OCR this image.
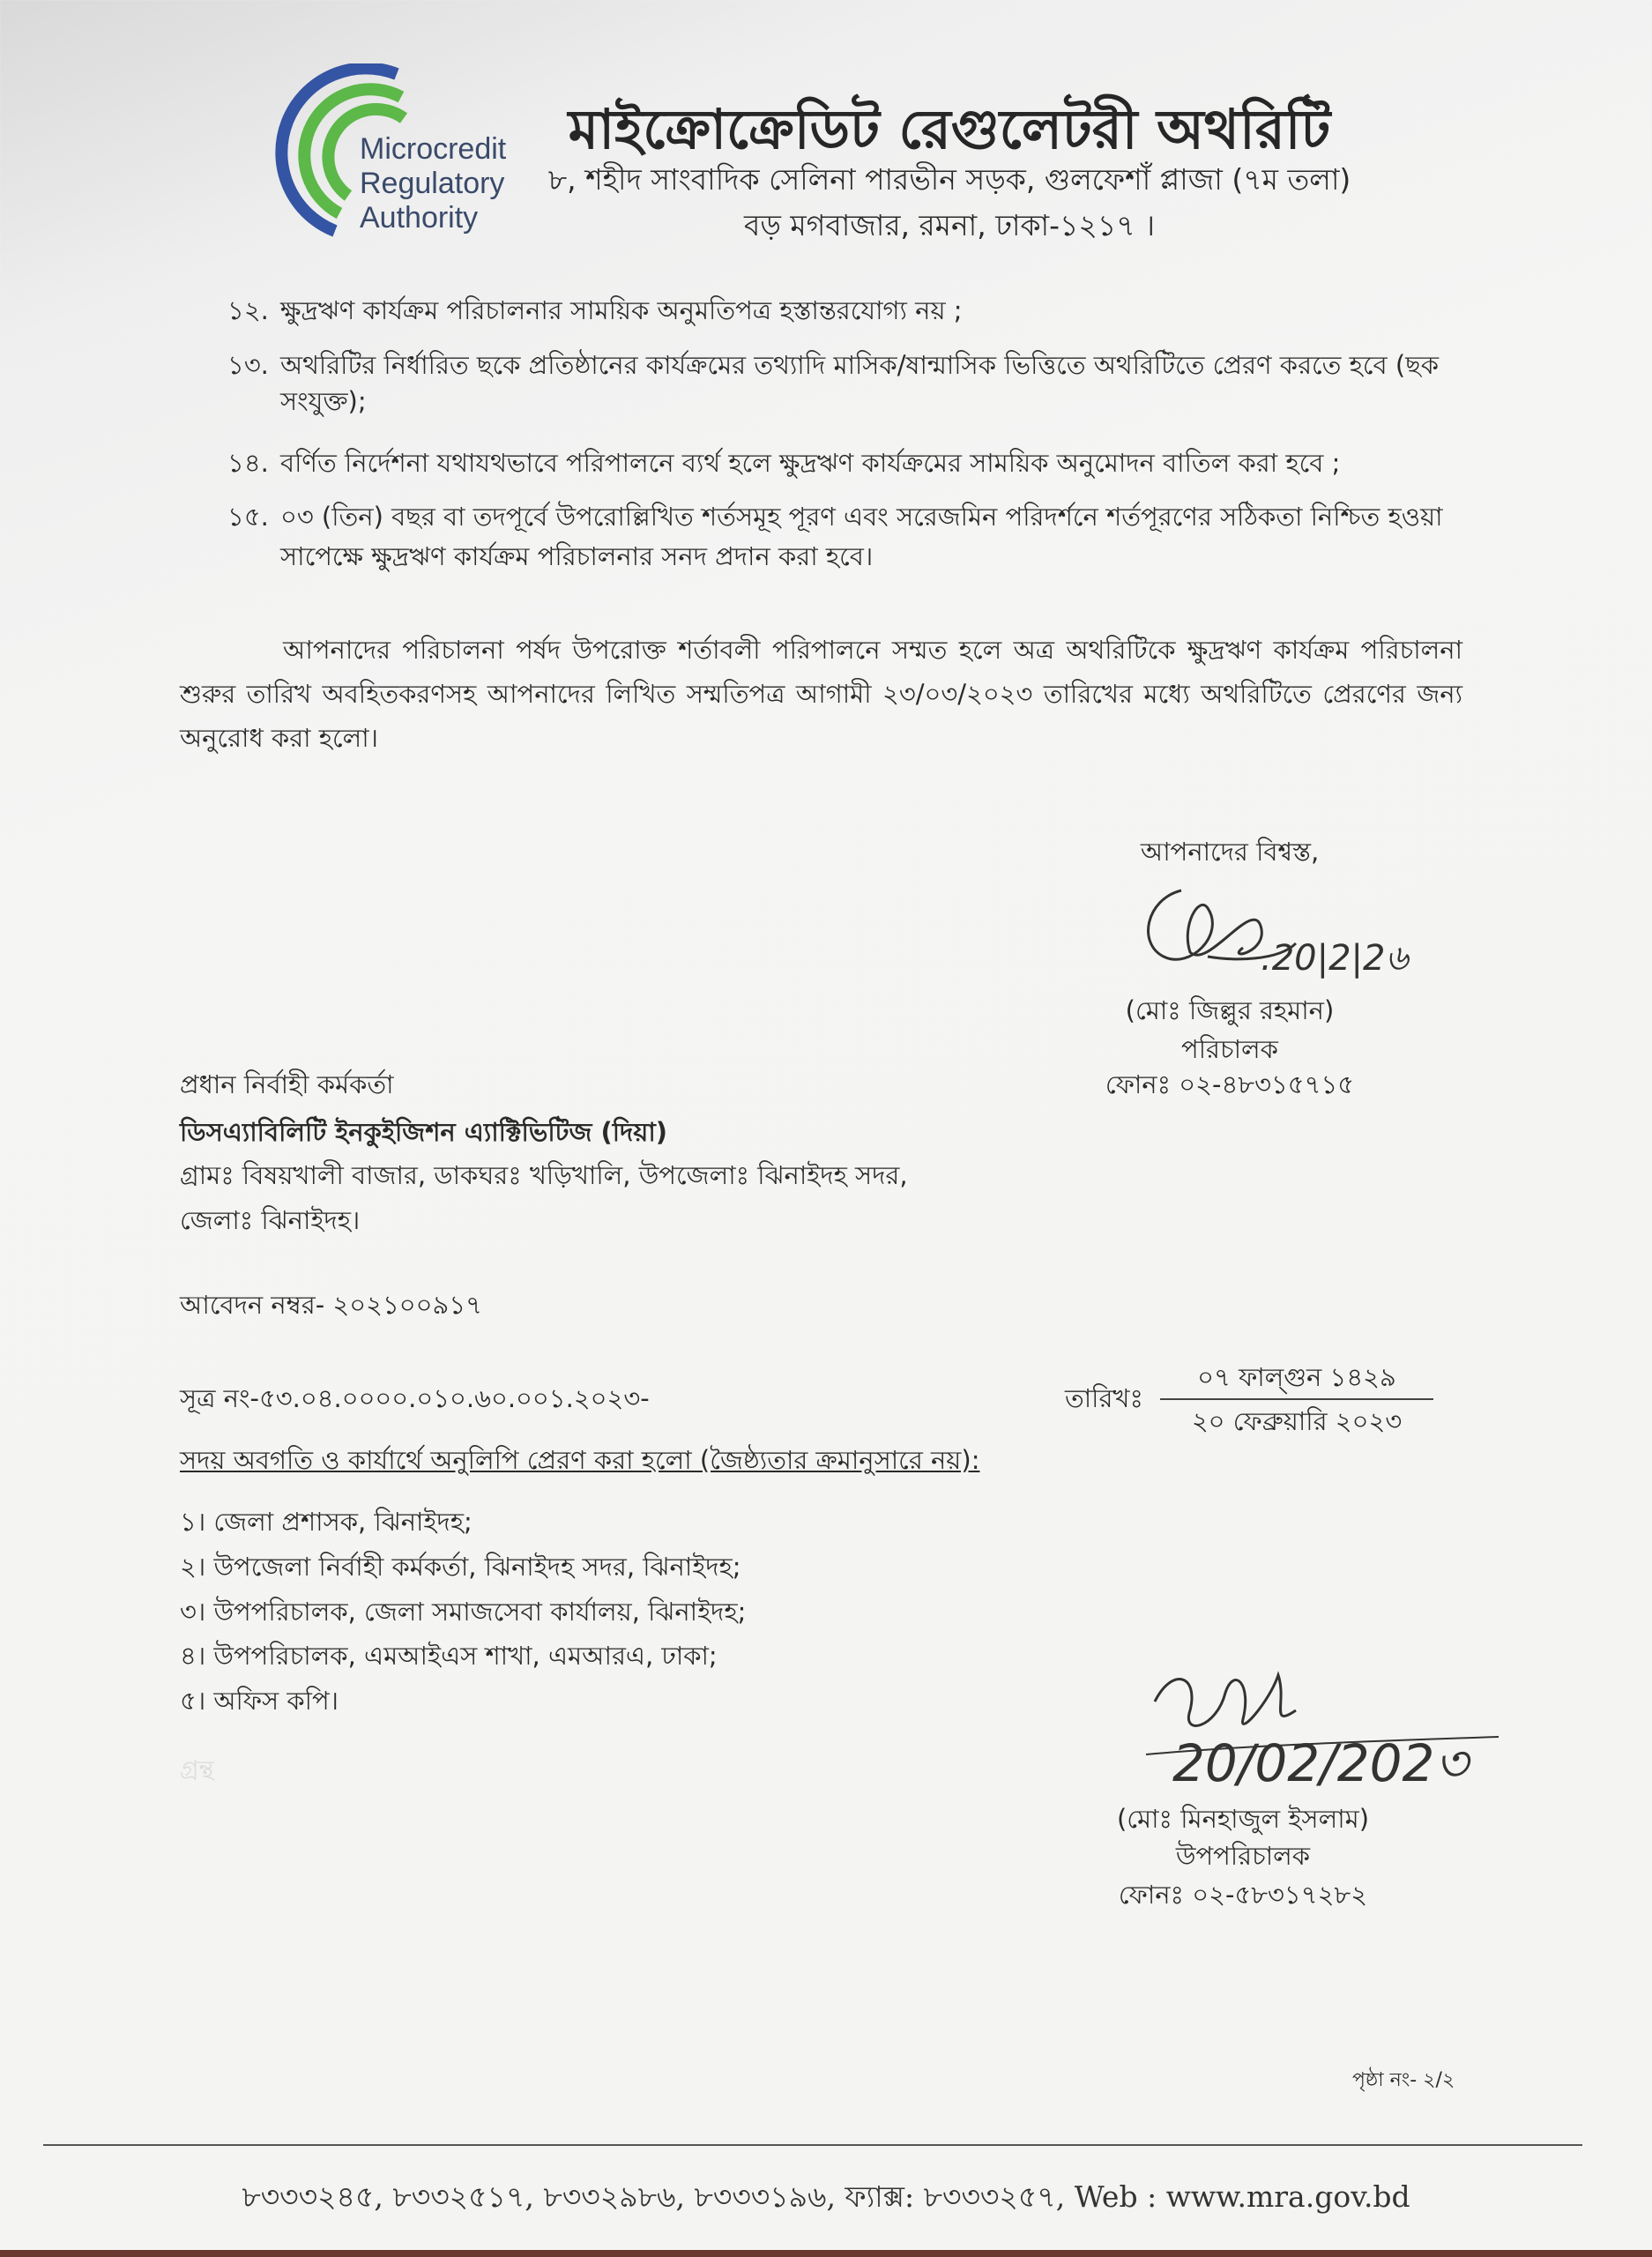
Microcredit
Regulatory
Authority
মাইক্রোক্রেডিট রেগুলেটরী অথরিটি
৮, শহীদ সাংবাদিক সেলিনা পারভীন সড়ক, গুলফেশাঁ প্লাজা (৭ম তলা)
বড় মগবাজার, রমনা, ঢাকা-১২১৭ ।
১২. ক্ষুদ্রঋণ কার্যক্রম পরিচালনার সাময়িক অনুমতিপত্র হস্তান্তরযোগ্য নয় ;
১৩. অথরিটির নির্ধারিত ছকে প্রতিষ্ঠানের কার্যক্রমের তথ্যাদি মাসিক/ষান্মাসিক ভিত্তিতে অথরিটিতে প্রেরণ করতে হবে (ছক
সংযুক্ত);
১৪. বর্ণিত নির্দেশনা যথাযথভাবে পরিপালনে ব্যর্থ হলে ক্ষুদ্রঋণ কার্যক্রমের সাময়িক অনুমোদন বাতিল করা হবে ;
১৫. ০৩ (তিন) বছর বা তদপূর্বে উপরোল্লিখিত শর্তসমূহ পূরণ এবং সরেজমিন পরিদর্শনে শর্তপূরণের সঠিকতা নিশ্চিত হওয়া
সাপেক্ষে ক্ষুদ্রঋণ কার্যক্রম পরিচালনার সনদ প্রদান করা হবে।
আপনাদের পরিচালনা পর্ষদ উপরোক্ত শর্তাবলী পরিপালনে সম্মত হলে অত্র অথরিটিকে ক্ষুদ্রঋণ কার্যক্রম পরিচালনা শুরুর তারিখ অবহিতকরণসহ আপনাদের লিখিত সম্মতিপত্র আগামী ২৩/০৩/২০২৩ তারিখের মধ্যে অথরিটিতে প্রেরণের জন্য অনুরোধ করা হলো।
আপনাদের বিশ্বস্ত,
.20|2|2৬
(মোঃ জিল্লুর রহমান)
পরিচালক
ফোনঃ ০২-৪৮৩১৫৭১৫
প্রধান নির্বাহী কর্মকর্তা
ডিসএ্যাবিলিটি ইনকুইজিশন এ্যাক্টিভিটিজ (দিয়া)
গ্রামঃ বিষয়খালী বাজার, ডাকঘরঃ খড়িখালি, উপজেলাঃ ঝিনাইদহ সদর,
জেলাঃ ঝিনাইদহ।
আবেদন নম্বর- ২০২১০০৯১৭
সূত্র নং-৫৩.০৪.০০০০.০১০.৬০.০০১.২০২৩-	তারিখঃ
০৭ ফাল্গুন ১৪২৯
২০ ফেব্রুয়ারি ২০২৩
সদয় অবগতি ও কার্যার্থে অনুলিপি প্রেরণ করা হলো (জৈষ্ঠ্যতার ক্রমানুসারে নয়):
১। জেলা প্রশাসক, ঝিনাইদহ;
২। উপজেলা নির্বাহী কর্মকর্তা, ঝিনাইদহ সদর, ঝিনাইদহ;
৩। উপপরিচালক, জেলা সমাজসেবা কার্যালয়, ঝিনাইদহ;
৪। উপপরিচালক, এমআইএস শাখা, এমআরএ, ঢাকা;
৫। অফিস কপি।
গ্রন্থ	20/02/202৩
(মোঃ মিনহাজুল ইসলাম)
উপপরিচালক
ফোনঃ ০২-৫৮৩১৭২৮২
পৃষ্ঠা নং- ২/২
৮৩৩৩২৪৫, ৮৩৩২৫১৭, ৮৩৩২৯৮৬, ৮৩৩৩১৯৬, ফ্যাক্স: ৮৩৩৩২৫৭, Web : www.mra.gov.bd
